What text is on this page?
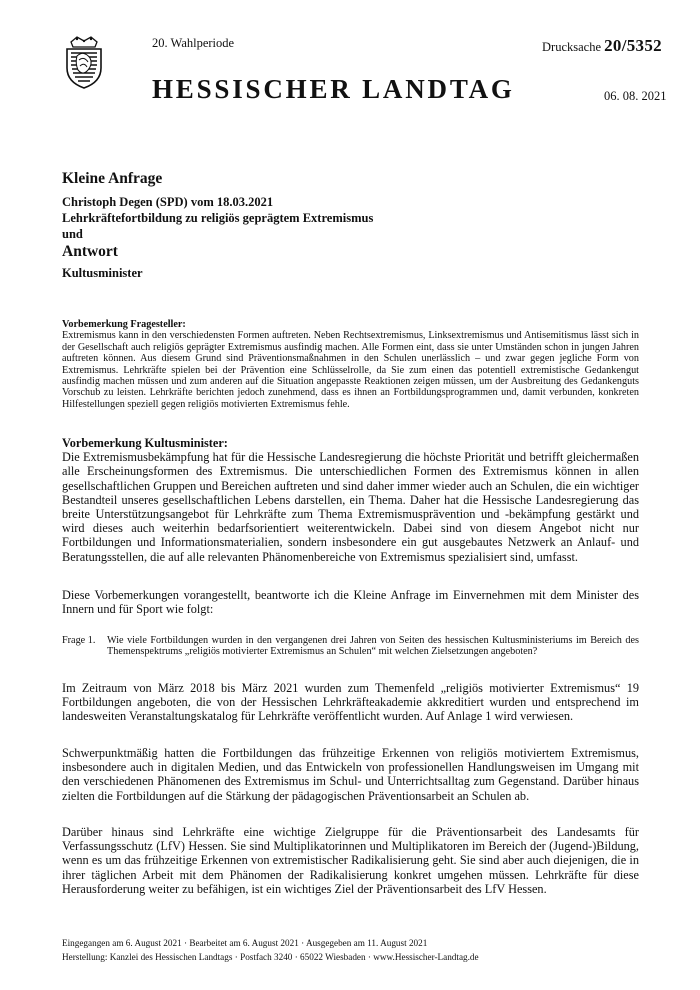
20. Wahlperiode	Drucksache 20/5352
HESSISCHER LANDTAG	06. 08. 2021
Kleine Anfrage
Christoph Degen (SPD) vom 18.03.2021
Lehrkräftefortbildung zu religiös geprägtem Extremismus
und
Antwort
Kultusminister

Vorbemerkung Fragesteller:

Extremismus kann in den verschiedensten Formen auftreten. Neben Rechtsextremismus, Linksextremismus und Antisemitismus lässt sich in der Gesellschaft auch religiös geprägter Extremismus ausfindig machen. Alle Formen eint, dass sie unter Umständen schon in jungen Jahren auftreten können. Aus diesem Grund sind Präventionsmaßnahmen in den Schulen unerlässlich – und zwar gegen jegliche Form von Extremismus. Lehrkräfte spielen bei der Prävention eine Schlüsselrolle, da Sie zum einen das potentiell extremistische Gedankengut ausfindig machen müssen und zum anderen auf die Situation angepasste Reaktionen zeigen müssen, um der Ausbreitung des Gedankenguts Vorschub zu leisten. Lehrkräfte berichten jedoch zunehmend, dass es ihnen an Fortbildungsprogrammen und, damit verbunden, konkreten Hilfestellungen speziell gegen religiös motivierten Extremismus fehle.

Vorbemerkung Kultusminister:

Die Extremismusbekämpfung hat für die Hessische Landesregierung die höchste Priorität und betrifft gleichermaßen alle Erscheinungsformen des Extremismus. Die unterschiedlichen Formen des Extremismus können in allen gesellschaftlichen Gruppen und Bereichen auftreten und sind daher immer wieder auch an Schulen, die ein wichtiger Bestandteil unseres gesellschaftlichen Lebens darstellen, ein Thema. Daher hat die Hessische Landesregierung das breite Unterstützungsangebot für Lehrkräfte zum Thema Extremismusprävention und -bekämpfung gestärkt und wird dieses auch weiterhin bedarfsorientiert weiterentwickeln. Dabei sind von diesem Angebot nicht nur Fortbildungen und Informationsmaterialien, sondern insbesondere ein gut ausgebautes Netzwerk an Anlauf- und Beratungsstellen, die auf alle relevanten Phänomenbereiche von Extremismus spezialisiert sind, umfasst.

Diese Vorbemerkungen vorangestellt, beantworte ich die Kleine Anfrage im Einvernehmen mit dem Minister des Innern und für Sport wie folgt:
Frage 1. Wie viele Fortbildungen wurden in den vergangenen drei Jahren von Seiten des hessischen Kultusministeriums im Bereich des Themenspektrums „religiös motivierter Extremismus an Schulen“ mit welchen Zielsetzungen angeboten?
Im Zeitraum von März 2018 bis März 2021 wurden zum Themenfeld „religiös motivierter Extremismus“ 19 Fortbildungen angeboten, die von der Hessischen Lehrkräfteakademie akkreditiert wurden und entsprechend im landesweiten Veranstaltungskatalog für Lehrkräfte veröffentlicht wurden. Auf Anlage 1 wird verwiesen.
Schwerpunktmäßig hatten die Fortbildungen das frühzeitige Erkennen von religiös motiviertem Extremismus, insbesondere auch in digitalen Medien, und das Entwickeln von professionellen Handlungsweisen im Umgang mit den verschiedenen Phänomenen des Extremismus im Schul- und Unterrichtsalltag zum Gegenstand. Darüber hinaus zielten die Fortbildungen auf die Stärkung der pädagogischen Präventionsarbeit an Schulen ab.
Darüber hinaus sind Lehrkräfte eine wichtige Zielgruppe für die Präventionsarbeit des Landesamts für Verfassungsschutz (LfV) Hessen. Sie sind Multiplikatorinnen und Multiplikatoren im Bereich der (Jugend-)Bildung, wenn es um das frühzeitige Erkennen von extremistischer Radikalisierung geht. Sie sind aber auch diejenigen, die in ihrer täglichen Arbeit mit dem Phänomen der Radikalisierung konkret umgehen müssen. Lehrkräfte für diese Herausforderung weiter zu befähigen, ist ein wichtiges Ziel der Präventionsarbeit des LfV Hessen.
Eingegangen am 6. August 2021 · Bearbeitet am 6. August 2021 · Ausgegeben am 11. August 2021
Herstellung: Kanzlei des Hessischen Landtags · Postfach 3240 · 65022 Wiesbaden · www.Hessischer-Landtag.de
